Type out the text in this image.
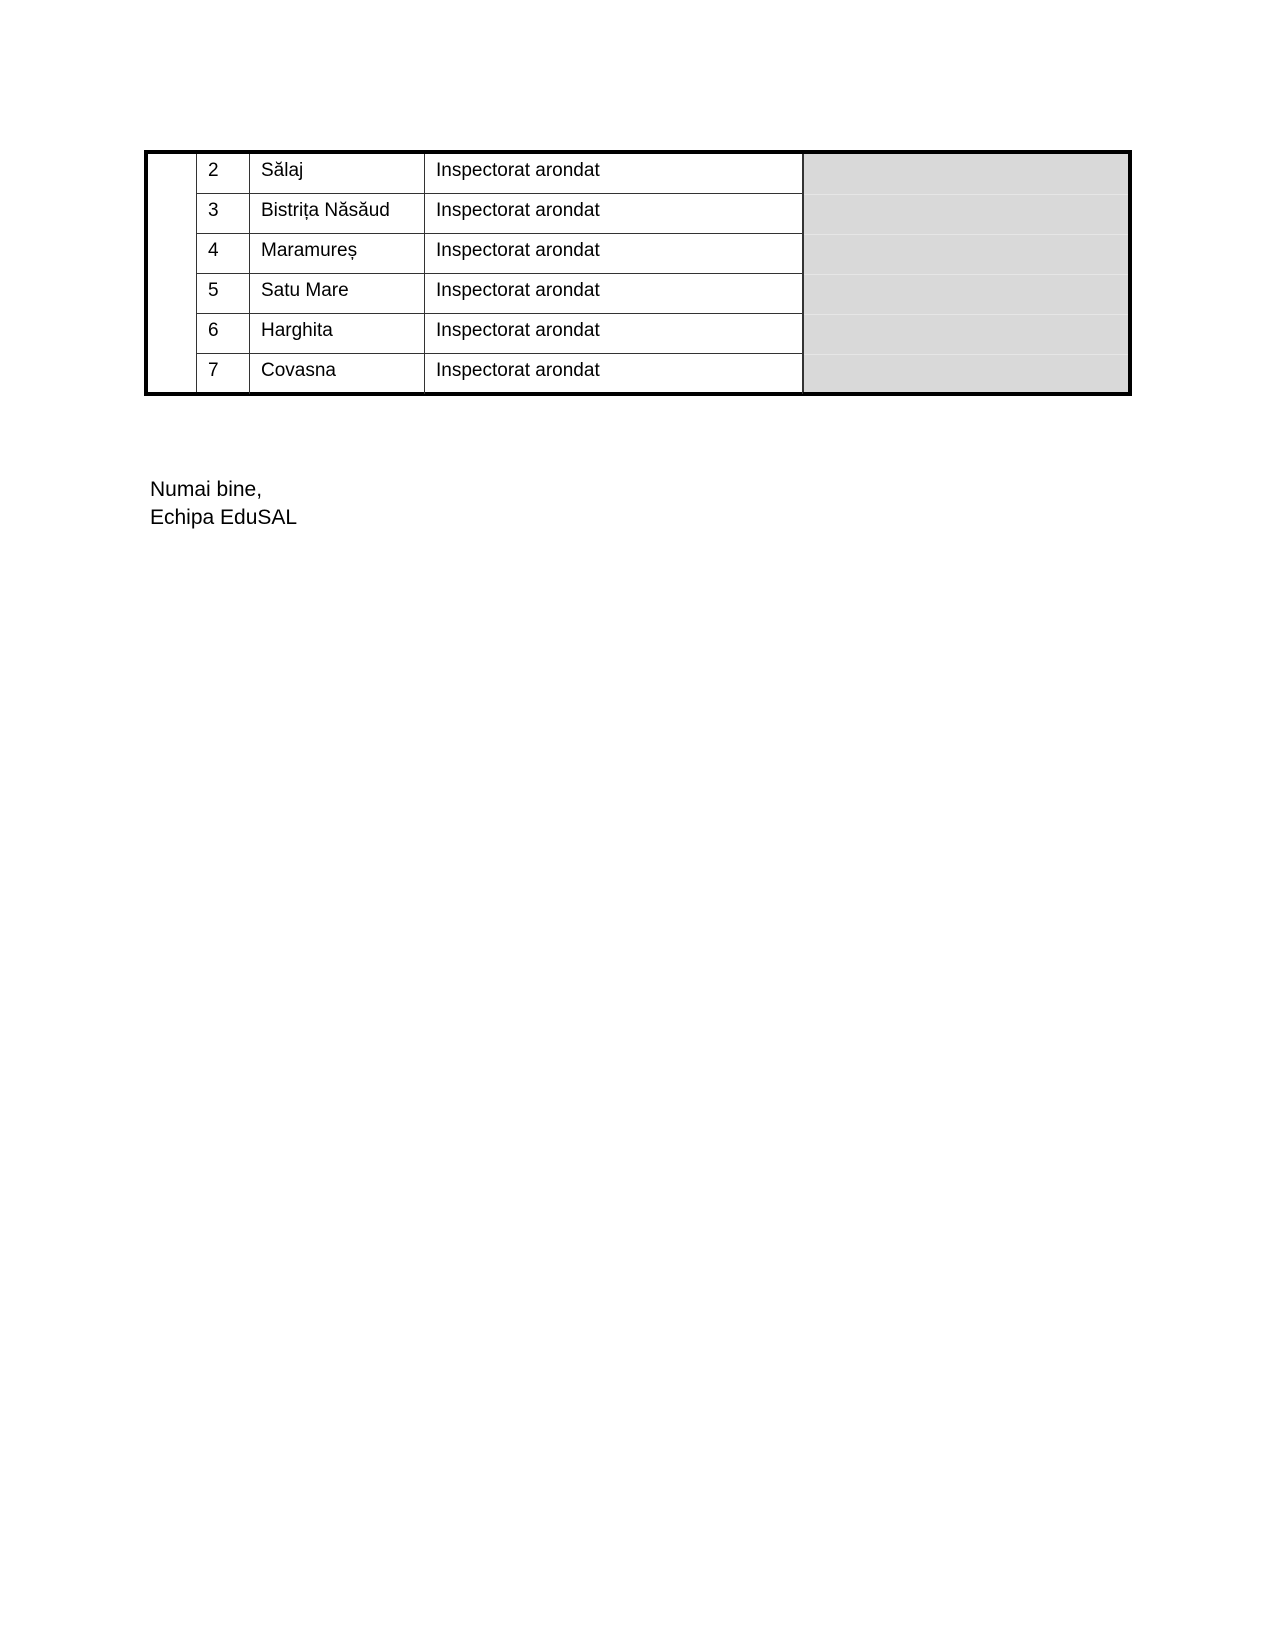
2	Sălaj	Inspectorat arondat
3	Bistrița Năsăud	Inspectorat arondat
4	Maramureș	Inspectorat arondat
5	Satu Mare	Inspectorat arondat
6	Harghita	Inspectorat arondat
7	Covasna	Inspectorat arondat
Numai bine,
Echipa EduSAL
